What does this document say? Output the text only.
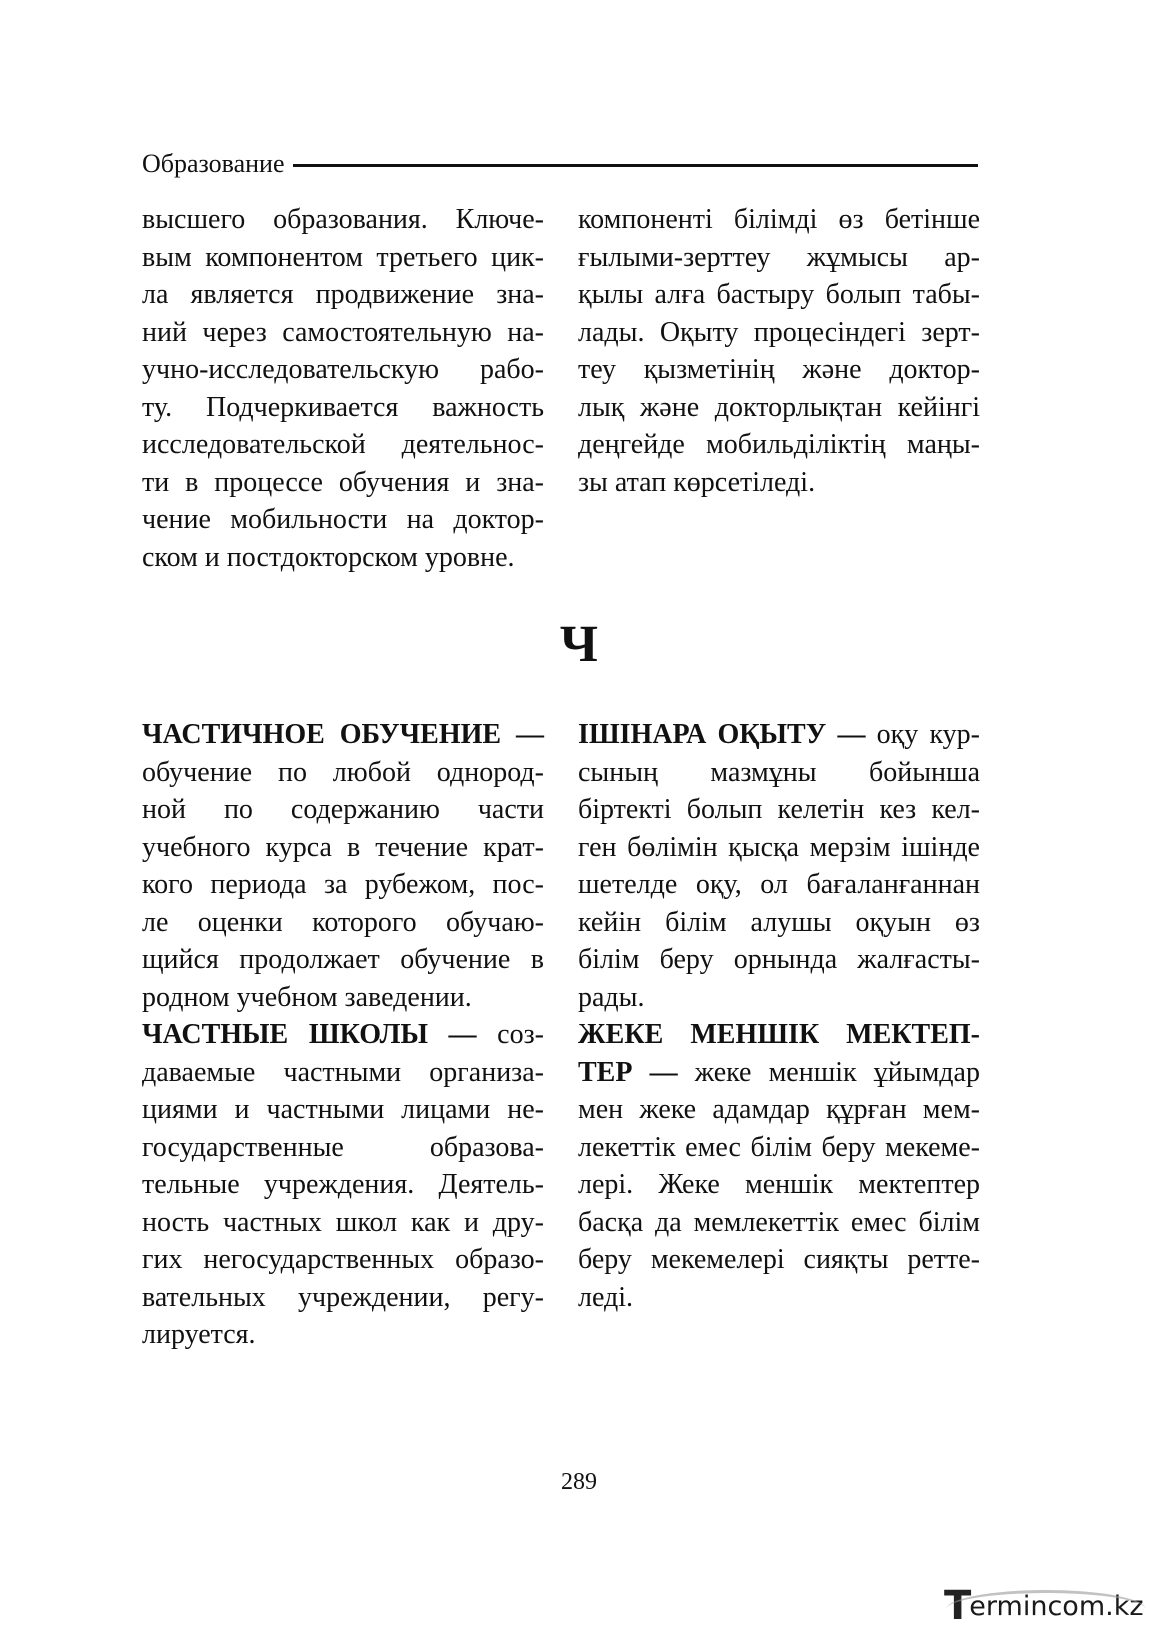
Образование
высшего образования. Ключе-
вым компонентом третьего цик-
ла является продвижение зна-
ний через самостоятельную на-
учно-исследовательскую рабо-
ту. Подчеркивается важность
исследовательской деятельнос-
ти в процессе обучения и зна-
чение мобильности на доктор-
ском и постдокторском уровне.
компоненті білімді өз бетінше
ғылыми-зерттеу жұмысы ар-
қылы алға бастыру болып табы-
лады. Оқыту процесіндегі зерт-
теу қызметінің және доктор-
лық және докторлықтан кейінгі
деңгейде мобильділіктің маңы-
зы атап көрсетіледі.
Ч
ЧАСТИЧНОЕ ОБУЧЕНИЕ —
обучение по любой однород-
ной по содержанию части
учебного курса в течение крат-
кого периода за рубежом, пос-
ле оценки которого обучаю-
щийся продолжает обучение в
родном учебном заведении.
ЧАСТНЫЕ ШКОЛЫ — соз-
даваемые частными организа-
циями и частными лицами не-
государственные образова-
тельные учреждения. Деятель-
ность частных школ как и дру-
гих негосударственных образо-
вательных учреждении, регу-
лируется.
ІШІНАРА ОҚЫТУ — оқу кур-
сының мазмұны бойынша
біртекті болып келетін кез кел-
ген бөлімін қысқа мерзім ішінде
шетелде оқу, ол бағаланғаннан
кейін білім алушы оқуын өз
білім беру орнында жалғасты-
рады.
ЖЕКЕ МЕНШІК МЕКТЕП-
ТЕР — жеке меншік ұйымдар
мен жеке адамдар құрған мем-
лекеттік емес білім беру мекеме-
лері. Жеке меншік мектептер
басқа да мемлекеттік емес білім
беру мекемелері сияқты ретте-
леді.
289
T
ermincom.kz
